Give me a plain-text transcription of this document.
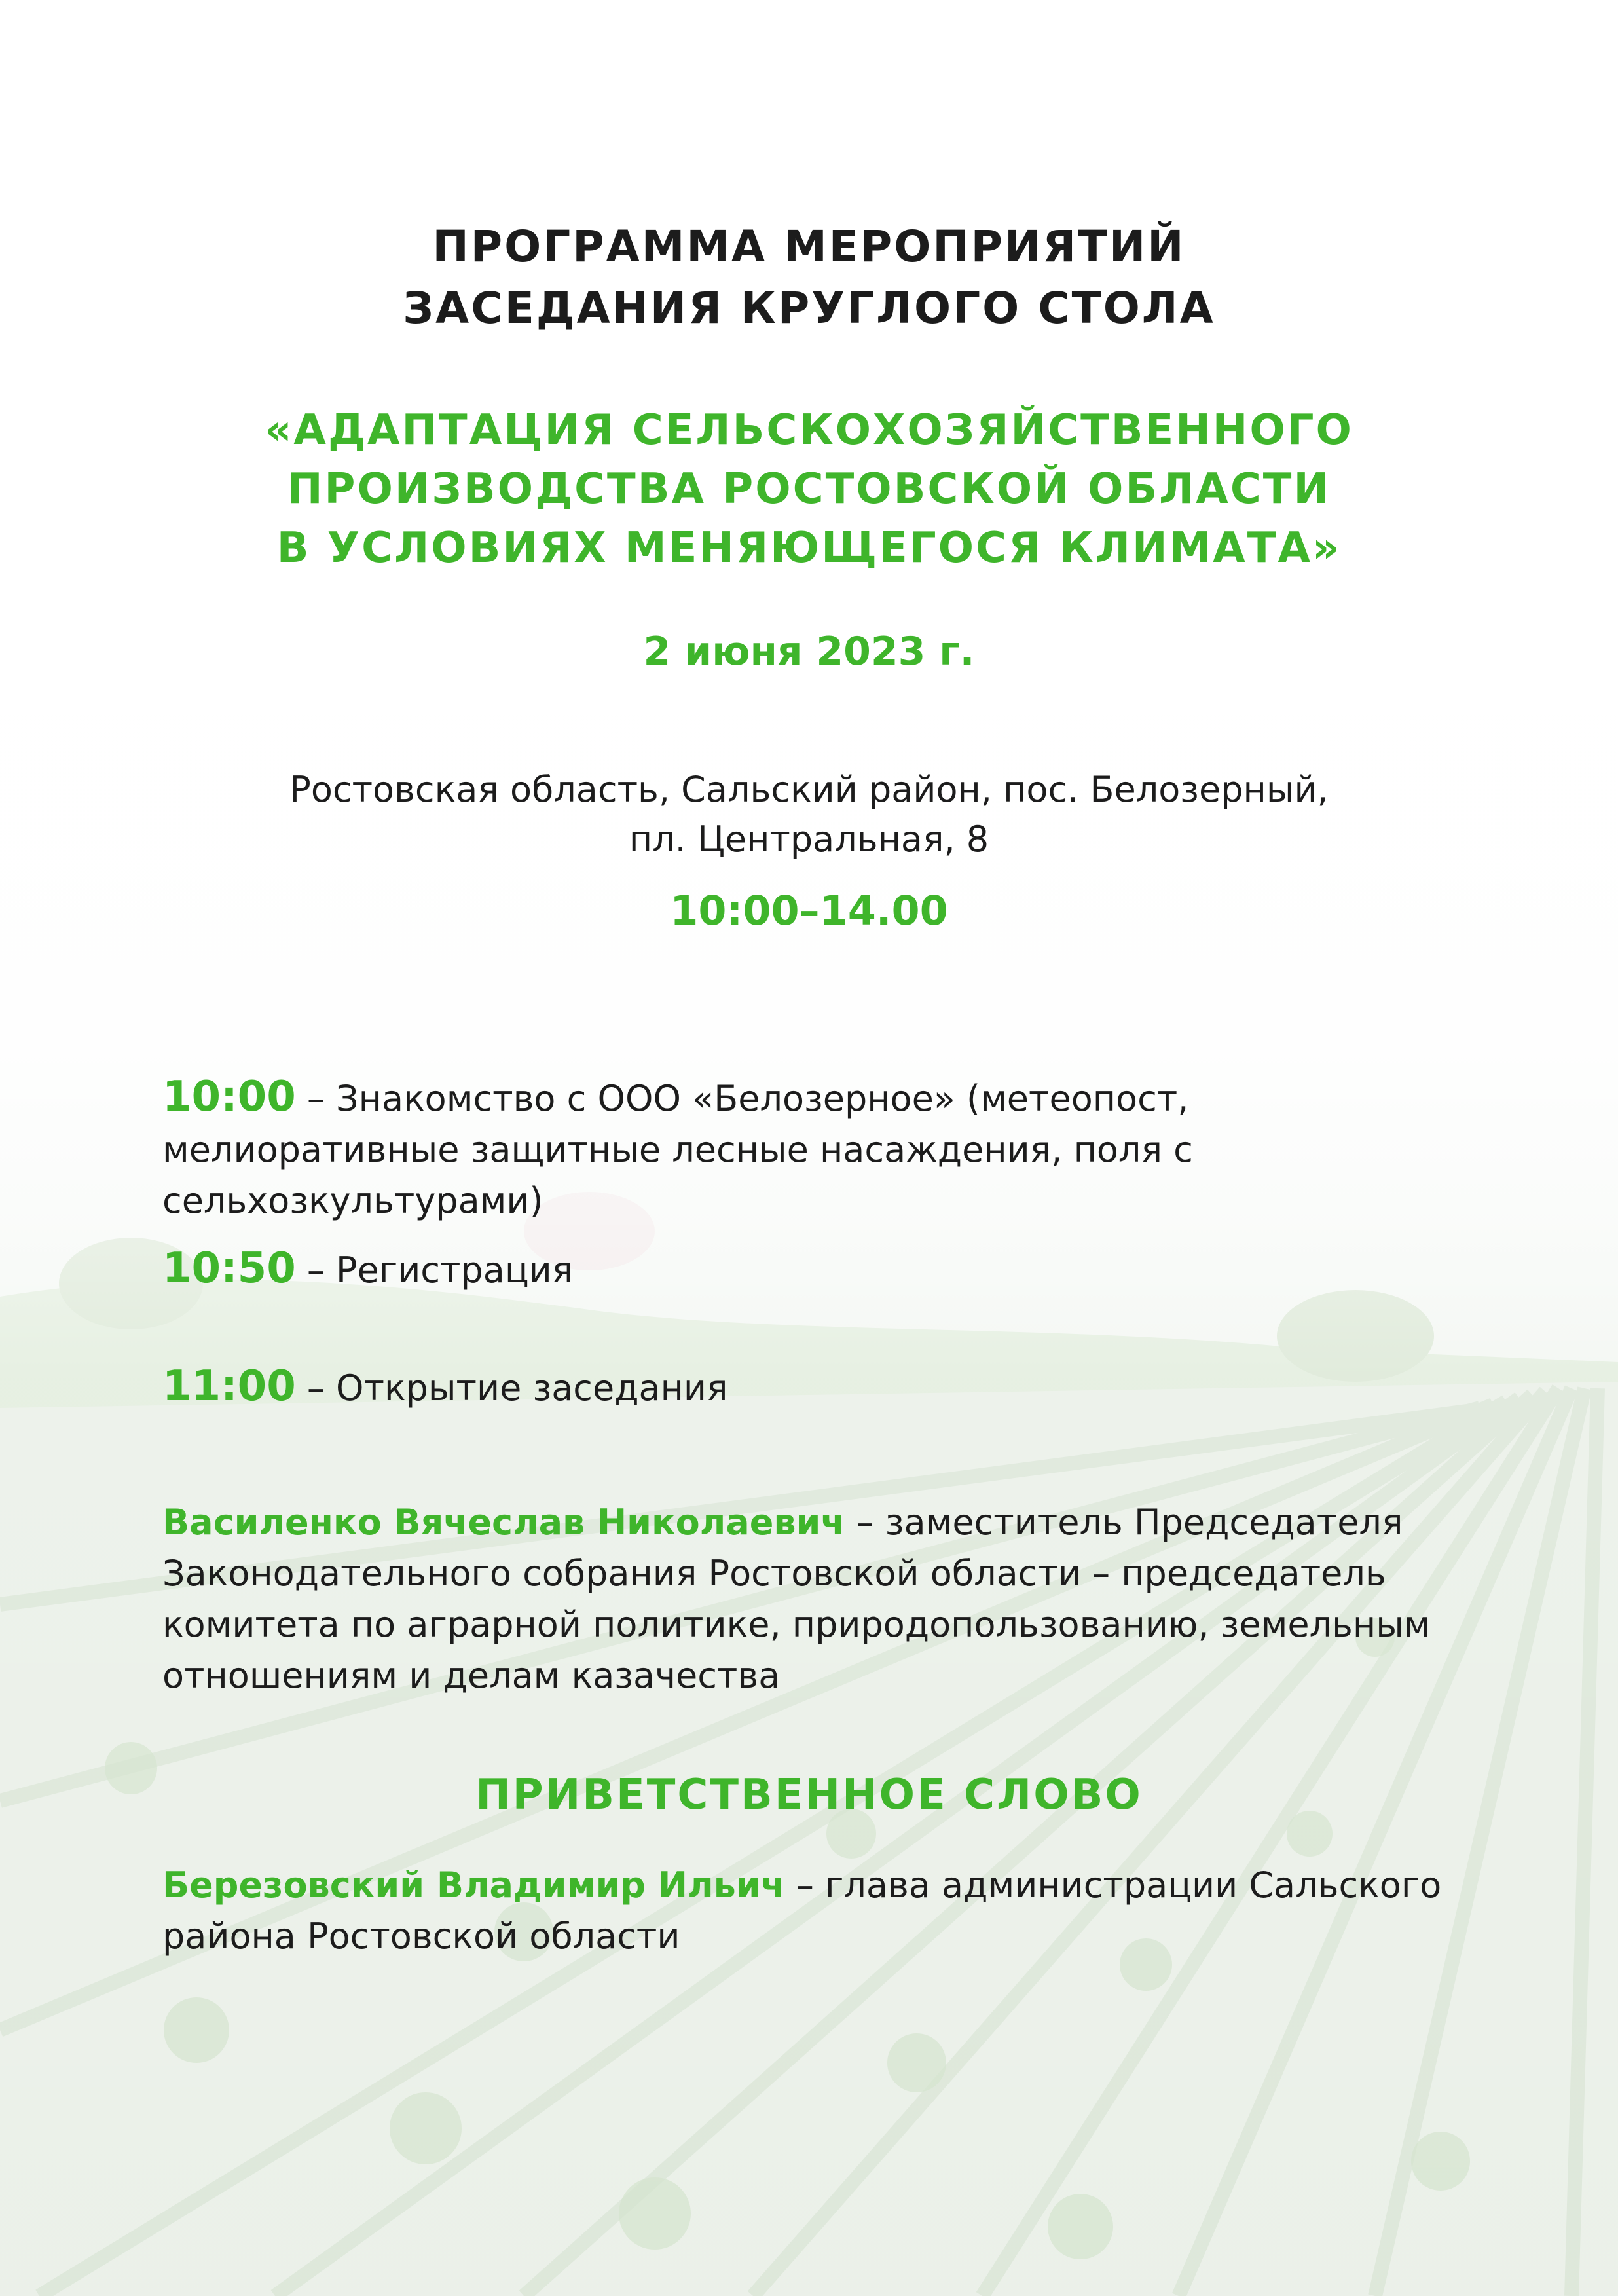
ПРОГРАММА МЕРОПРИЯТИЙ
ЗАСЕДАНИЯ КРУГЛОГО СТОЛА
«АДАПТАЦИЯ СЕЛЬСКОХОЗЯЙСТВЕННОГО
ПРОИЗВОДСТВА РОСТОВСКОЙ ОБЛАСТИ
В УСЛОВИЯХ МЕНЯЮЩЕГОСЯ КЛИМАТА»
2 июня 2023 г.
Ростовская область, Сальский район, пос. Белозерный,
пл. Центральная, 8
10:00–14.00
10:00 – Знакомство с ООО «Белозерное» (метеопост, мелиоративные защитные лесные насаждения, поля с сельхозкультурами)
10:50 – Регистрация
11:00 – Открытие заседания
Василенко Вячеслав Николаевич – заместитель Председателя Законодательного собрания Ростовской области – председатель комитета по аграрной политике, природопользованию, земельным отношениям и делам казачества
ПРИВЕТСТВЕННОЕ СЛОВО
Березовский Владимир Ильич – глава администрации Сальского района Ростовской области
